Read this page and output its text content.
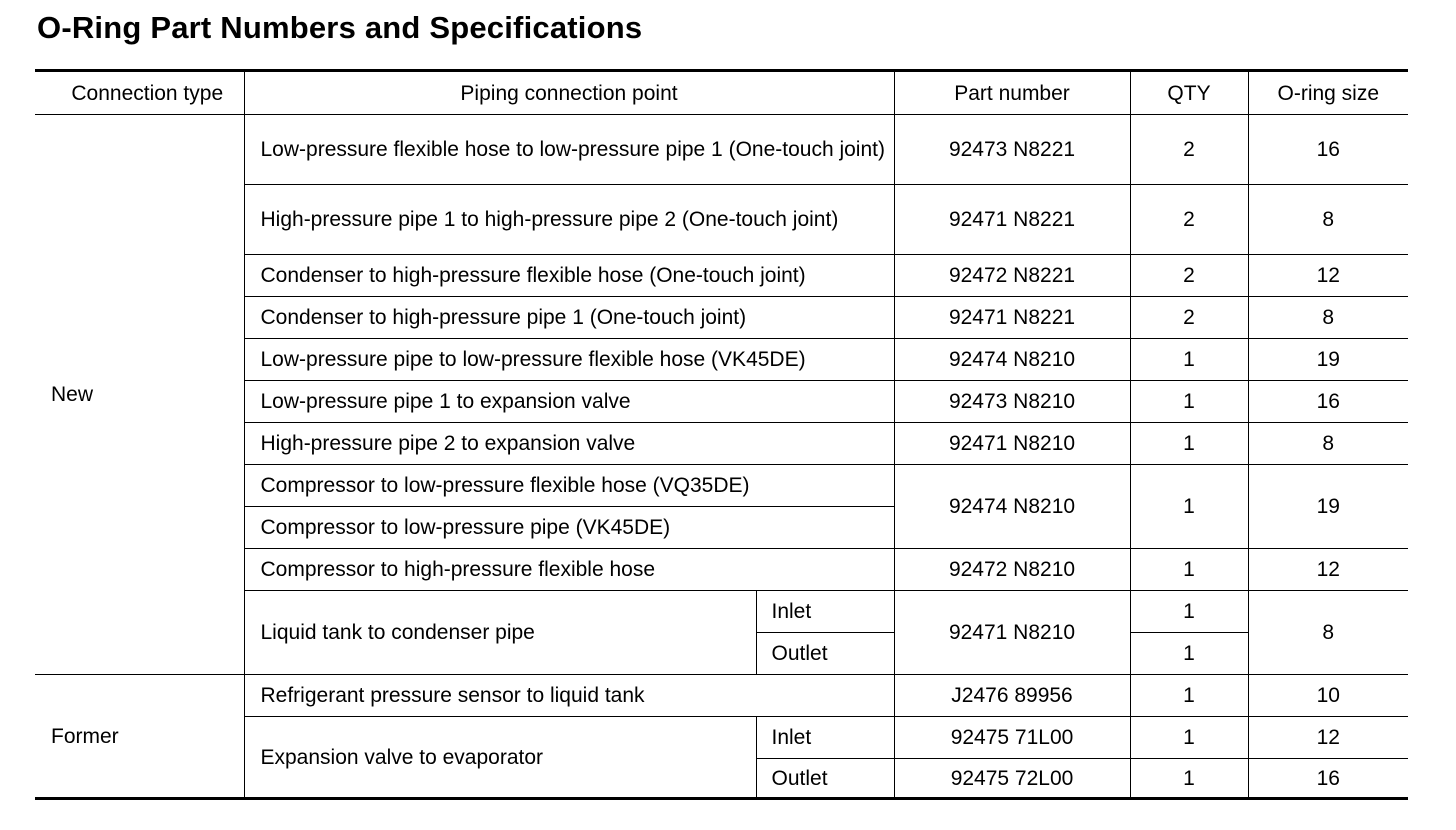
O-Ring Part Numbers and Specifications
Connection type	Piping connection point		Part number	QTY	O-ring size
New	Low-pressure flexible hose to low-pressure pipe 1 (One-touch joint)		92473 N8221	2	16
	High-pressure pipe 1 to high-pressure pipe 2 (One-touch joint)		92471 N8221	2	8
	Condenser to high-pressure flexible hose (One-touch joint)		92472 N8221	2	12
	Condenser to high-pressure pipe 1 (One-touch joint)		92471 N8221	2	8
	Low-pressure pipe to low-pressure flexible hose (VK45DE)		92474 N8210	1	19
	Low-pressure pipe 1 to expansion valve		92473 N8210	1	16
	High-pressure pipe 2 to expansion valve		92471 N8210	1	8
	Compressor to low-pressure flexible hose (VQ35DE)		92474 N8210	1	19
	Compressor to low-pressure pipe (VK45DE)				
	Compressor to high-pressure flexible hose		92472 N8210	1	12
	Liquid tank to condenser pipe	Inlet	92471 N8210	1	8
		Outlet		1	
Former	Refrigerant pressure sensor to liquid tank		J2476 89956	1	10
	Expansion valve to evaporator	Inlet	92475 71L00	1	12
		Outlet	92475 72L00	1	16
